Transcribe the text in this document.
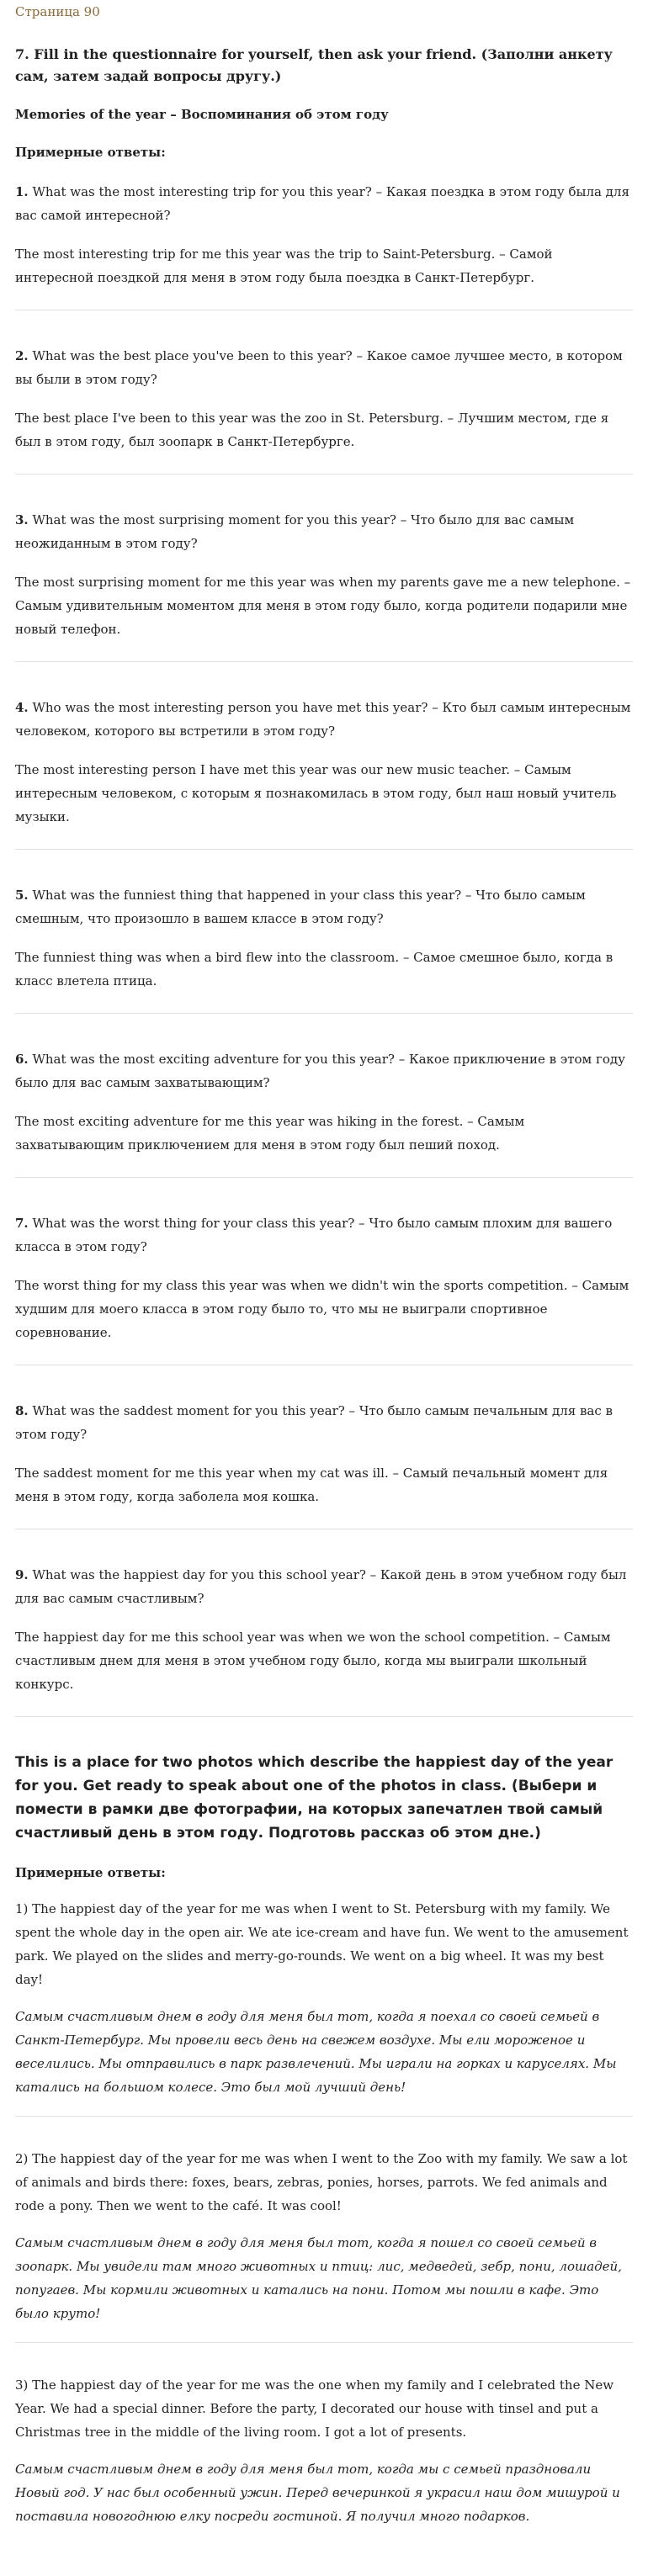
Страница 90
7. Fill in the questionnaire for yourself, then ask your friend. (Заполни анкету сам, затем задай вопросы другу.)
Memories of the year – Воспоминания об этом году
Примерные ответы:

1. What was the most interesting trip for you this year? – Какая поездка в этом году была для вас самой интересной?

The most interesting trip for me this year was the trip to Saint-Petersburg. – Самой интересной поездкой для меня в этом году была поездка в Санкт-Петербург.

2. What was the best place you've been to this year? – Какое самое лучшее место, в котором вы были в этом году?

The best place I've been to this year was the zoo in St. Petersburg. – Лучшим местом, где я был в этом году, был зоопарк в Санкт-Петербурге.

3. What was the most surprising moment for you this year? – Что было для вас самым неожиданным в этом году?

The most surprising moment for me this year was when my parents gave me a new telephone. – Самым удивительным моментом для меня в этом году было, когда родители подарили мне новый телефон.

4. Who was the most interesting person you have met this year? – Кто был самым интересным человеком, которого вы встретили в этом году?

The most interesting person I have met this year was our new music teacher. – Самым интересным человеком, с которым я познакомилась в этом году, был наш новый учитель музыки.

5. What was the funniest thing that happened in your class this year? – Что было самым смешным, что произошло в вашем классе в этом году?

The funniest thing was when a bird flew into the classroom. – Самое смешное было, когда в класс влетела птица.

6. What was the most exciting adventure for you this year? – Какое приключение в этом году было для вас самым захватывающим?

The most exciting adventure for me this year was hiking in the forest. – Самым захватывающим приключением для меня в этом году был пеший поход.

7. What was the worst thing for your class this year? – Что было самым плохим для вашего класса в этом году?

The worst thing for my class this year was when we didn't win the sports competition. – Самым худшим для моего класса в этом году было то, что мы не выиграли спортивное соревнование.

8. What was the saddest moment for you this year? – Что было самым печальным для вас в этом году?

The saddest moment for me this year when my cat was ill. – Самый печальный момент для меня в этом году, когда заболела моя кошка.

9. What was the happiest day for you this school year? – Какой день в этом учебном году был для вас самым счастливым?

The happiest day for me this school year was when we won the school competition. – Самым счастливым днем для меня в этом учебном году было, когда мы выиграли школьный конкурс.

This is a place for two photos which describe the happiest day of the year for you. Get ready to speak about one of the photos in class. (Выбери и помести в рамки две фотографии, на которых запечатлен твой самый счастливый день в этом году. Подготовь рассказ об этом дне.)
Примерные ответы:

1) The happiest day of the year for me was when I went to St. Petersburg with my family. We spent the whole day in the open air. We ate ice-cream and have fun. We went to the amusement park. We played on the slides and merry-go-rounds. We went on a big wheel. It was my best day!

Самым счастливым днем в году для меня был тот, когда я поехал со своей семьей в Санкт-Петербург. Мы провели весь день на свежем воздухе. Мы ели мороженое и веселились. Мы отправились в парк развлечений. Мы играли на горках и каруселях. Мы катались на большом колесе. Это был мой лучший день!

2) The happiest day of the year for me was when I went to the Zoo with my family. We saw a lot of animals and birds there: foxes, bears, zebras, ponies, horses, parrots. We fed animals and rode a pony. Then we went to the café. It was cool!

Самым счастливым днем в году для меня был тот, когда я пошел со своей семьей в зоопарк. Мы увидели там много животных и птиц: лис, медведей, зебр, пони, лошадей, попугаев. Мы кормили животных и катались на пони. Потом мы пошли в кафе. Это было круто!

3) The happiest day of the year for me was the one when my family and I celebrated the New Year. We had a special dinner. Before the party, I decorated our house with tinsel and put a Christmas tree in the middle of the living room. I got a lot of presents.

Самым счастливым днем в году для меня был тот, когда мы с семьей праздновали Новый год. У нас был особенный ужин. Перед вечеринкой я украсил наш дом мишурой и поставила новогоднюю елку посреди гостиной. Я получил много подарков.
